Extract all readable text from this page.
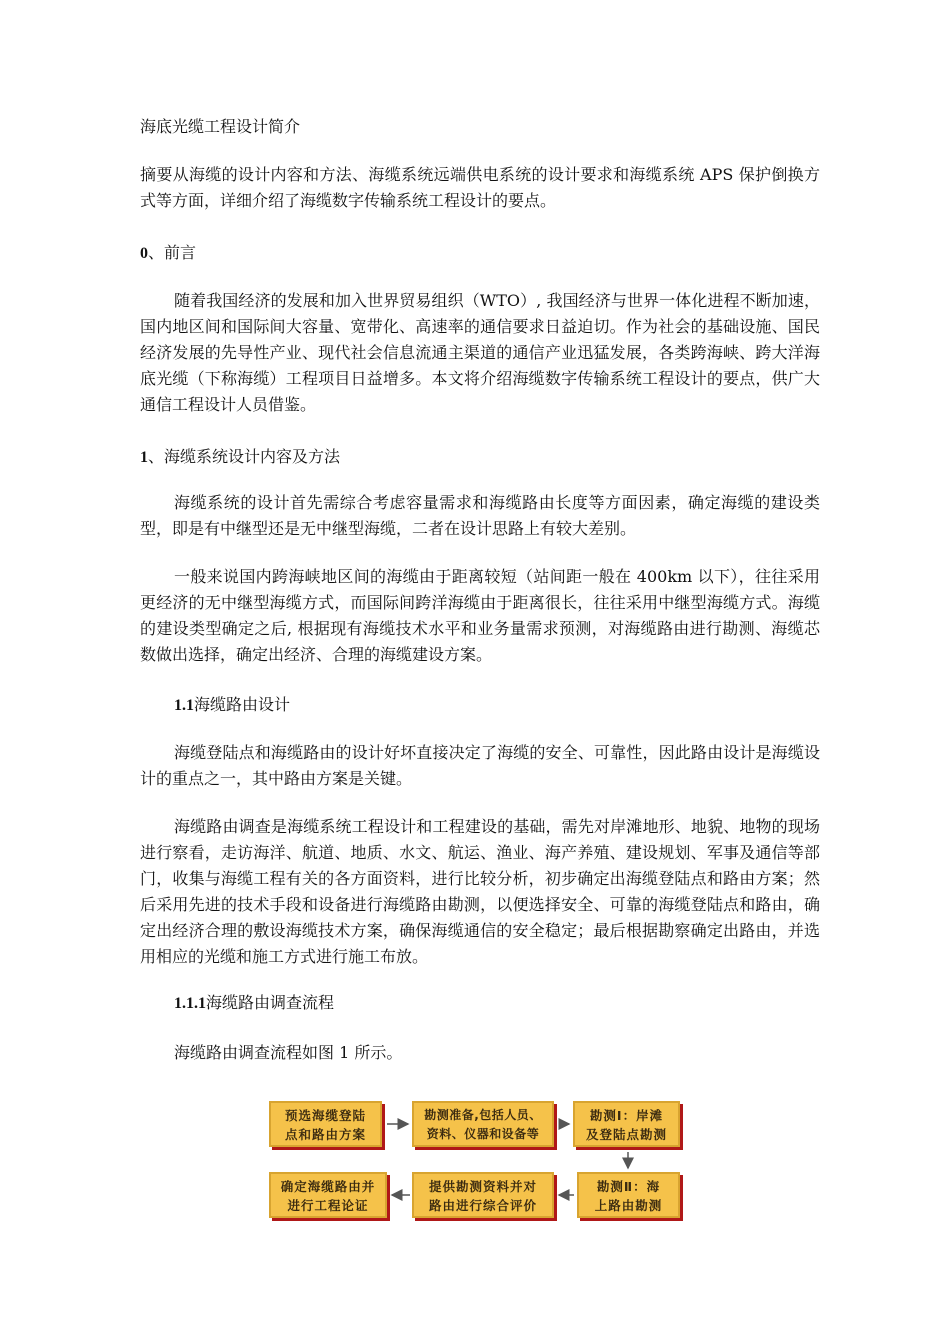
海底光缆工程设计简介

摘要从海缆的设计内容和方法、海缆系统远端供电系统的设计要求和海缆系统 APS 保护倒换方式等方面，详细介绍了海缆数字传输系统工程设计的要点。

0、前言

随着我国经济的发展和加入世界贸易组织（WTO）, 我国经济与世界一体化进程不断加速，国内地区间和国际间大容量、宽带化、高速率的通信要求日益迫切。作为社会的基础设施、国民经济发展的先导性产业、现代社会信息流通主渠道的通信产业迅猛发展，各类跨海峡、跨大洋海底光缆（下称海缆）工程项目日益增多。本文将介绍海缆数字传输系统工程设计的要点，供广大通信工程设计人员借鉴。

1、海缆系统设计内容及方法

海缆系统的设计首先需综合考虑容量需求和海缆路由长度等方面因素，确定海缆的建设类型，即是有中继型还是无中继型海缆，二者在设计思路上有较大差别。

一般来说国内跨海峡地区间的海缆由于距离较短（站间距一般在 400km 以下），往往采用更经济的无中继型海缆方式，而国际间跨洋海缆由于距离很长，往往采用中继型海缆方式。海缆的建设类型确定之后, 根据现有海缆技术水平和业务量需求预测，对海缆路由进行勘测、海缆芯数做出选择，确定出经济、合理的海缆建设方案。

1.1海缆路由设计

海缆登陆点和海缆路由的设计好坏直接决定了海缆的安全、可靠性，因此路由设计是海缆设计的重点之一，其中路由方案是关键。

海缆路由调查是海缆系统工程设计和工程建设的基础，需先对岸滩地形、地貌、地物的现场进行察看，走访海洋、航道、地质、水文、航运、渔业、海产养殖、建设规划、军事及通信等部门，收集与海缆工程有关的各方面资料，进行比较分析，初步确定出海缆登陆点和路由方案；然后采用先进的技术手段和设备进行海缆路由勘测，以便选择安全、可靠的海缆登陆点和路由，确定出经济合理的敷设海缆技术方案，确保海缆通信的安全稳定；最后根据勘察确定出路由，并选用相应的光缆和施工方式进行施工布放。

1.1.1海缆路由调查流程

海缆路由调查流程如图 1 所示。

预选海缆登陆
点和路由方案
勘测准备,包括人员、
资料、仪器和设备等
勘测Ⅰ：岸滩
及登陆点勘测
勘测Ⅱ：海
上路由勘测
提供勘测资料并对
路由进行综合评价
确定海缆路由并
进行工程论证
